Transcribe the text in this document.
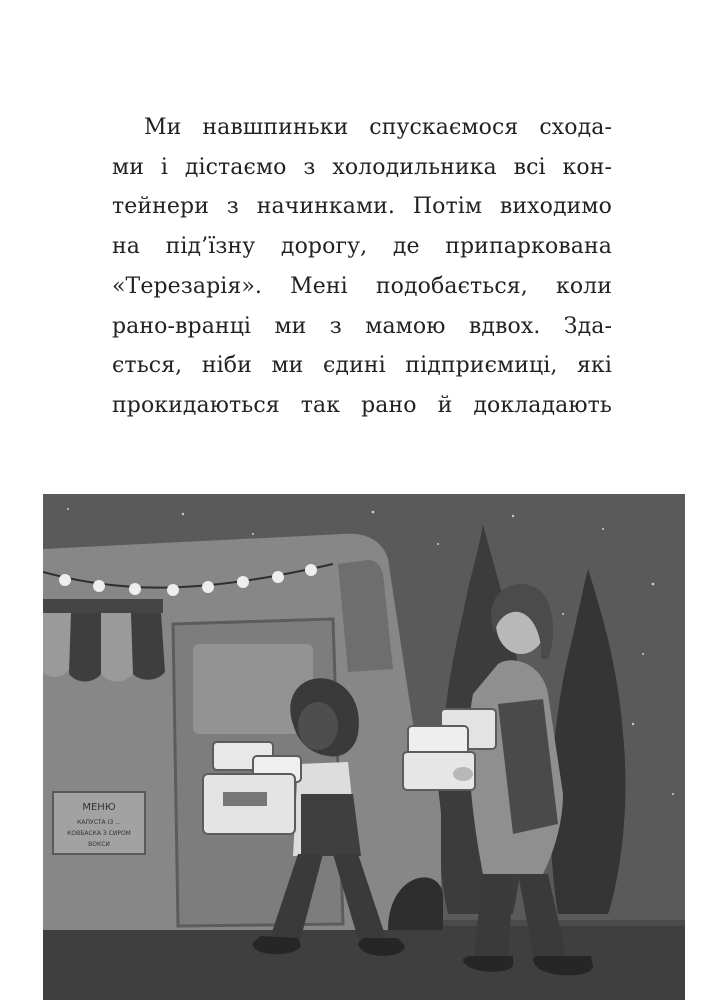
Ми навшпиньки спускаємося схода-
ми і дістаємо з холодильника всі кон-
тейнери з начинками. Потім виходимо
на під’їзну дорогу, де припаркована
«Терезарія». Мені подобається, коли
рано-вранці ми з мамою вдвох. Зда-
ється, ніби ми єдині підприємиці, які
прокидаються так рано й докладають
МЕНЮ
КАПУСТА ІЗ ...
КОВБАСКА З СИРОМ
ВОКСИ
